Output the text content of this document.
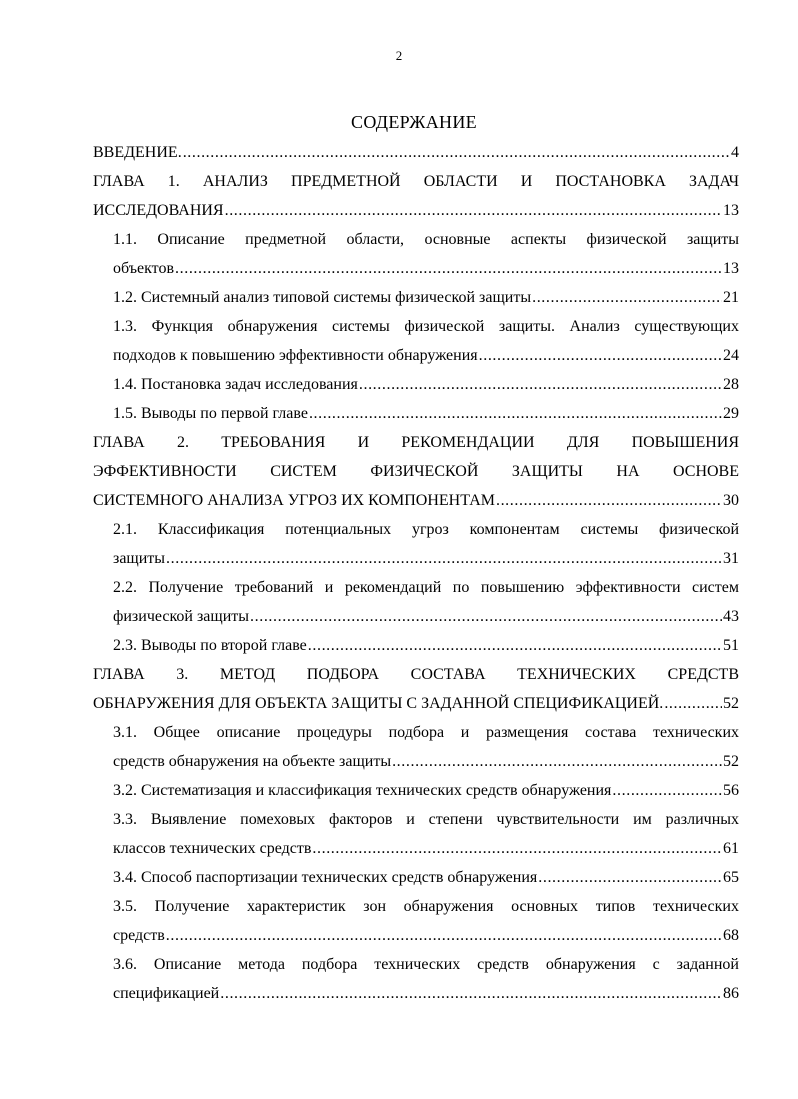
2
СОДЕРЖАНИЕ
ВВЕДЕНИЕ. .....	4
ГЛАВА 1. АНАЛИЗ ПРЕДМЕТНОЙ ОБЛАСТИ И ПОСТАНОВКА ЗАДАЧ
ИССЛЕДОВАНИЯ .....	13
1.1. Описание предметной области, основные аспекты физической защиты
объектов .....	13
1.2. Системный анализ типовой системы физической защиты .....	21
1.3. Функция обнаружения системы физической защиты. Анализ существующих
подходов к повышению эффективности обнаружения .....	24
1.4. Постановка задач исследования .....	28
1.5. Выводы по первой главе .....	29
ГЛАВА 2. ТРЕБОВАНИЯ И РЕКОМЕНДАЦИИ ДЛЯ ПОВЫШЕНИЯ
ЭФФЕКТИВНОСТИ СИСТЕМ ФИЗИЧЕСКОЙ ЗАЩИТЫ НА ОСНОВЕ
СИСТЕМНОГО АНАЛИЗА УГРОЗ ИХ КОМПОНЕНТАМ .....	30
2.1. Классификация потенциальных угроз компонентам системы физической
защиты .....	31
2.2. Получение требований и рекомендаций по повышению эффективности систем
физической защиты .....	43
2.3. Выводы по второй главе .....	51
ГЛАВА 3. МЕТОД ПОДБОРА СОСТАВА ТЕХНИЧЕСКИХ СРЕДСТВ
ОБНАРУЖЕНИЯ ДЛЯ ОБЪЕКТА ЗАЩИТЫ С ЗАДАННОЙ СПЕЦИФИКАЦИЕЙ. .....	52
3.1. Общее описание процедуры подбора и размещения состава технических
средств обнаружения на объекте защиты .....	52
3.2. Систематизация и классификация технических средств обнаружения .....	56
3.3. Выявление помеховых факторов и степени чувствительности им различных
классов технических средств .....	61
3.4. Способ паспортизации технических средств обнаружения .....	65
3.5. Получение характеристик зон обнаружения основных типов технических
средств .....	68
3.6. Описание метода подбора технических средств обнаружения с заданной
спецификацией .....	86
